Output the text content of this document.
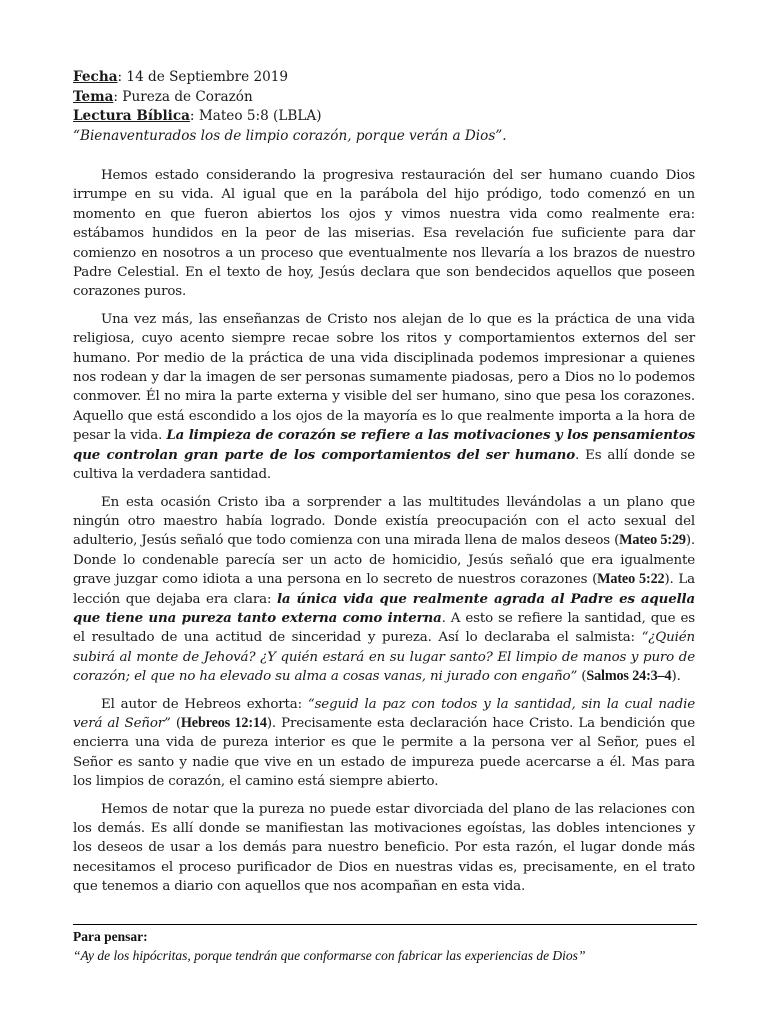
Fecha: 14 de Septiembre 2019
Tema: Pureza de Corazón
Lectura Bíblica: Mateo 5:8 (LBLA)
“Bienaventurados los de limpio corazón, porque verán a Dios”.

Hemos estado considerando la progresiva restauración del ser humano cuando Dios irrumpe en su vida. Al igual que en la parábola del hijo pródigo, todo comenzó en un momento en que fueron abiertos los ojos y vimos nuestra vida como realmente era: estábamos hundidos en la peor de las miserias. Esa revelación fue suficiente para dar comienzo en nosotros a un proceso que eventualmente nos llevaría a los brazos de nuestro Padre Celestial. En el texto de hoy, Jesús declara que son bendecidos aquellos que poseen corazones puros.

Una vez más, las enseñanzas de Cristo nos alejan de lo que es la práctica de una vida religiosa, cuyo acento siempre recae sobre los ritos y comportamientos externos del ser humano. Por medio de la práctica de una vida disciplinada podemos impresionar a quienes nos rodean y dar la imagen de ser personas sumamente piadosas, pero a Dios no lo podemos conmover. Él no mira la parte externa y visible del ser humano, sino que pesa los corazones. Aquello que está escondido a los ojos de la mayoría es lo que realmente importa a la hora de pesar la vida. La limpieza de corazón se refiere a las motivaciones y los pensamientos que controlan gran parte de los comportamientos del ser humano. Es allí donde se cultiva la verdadera santidad.

En esta ocasión Cristo iba a sorprender a las multitudes llevándolas a un plano que ningún otro maestro había logrado. Donde existía preocupación con el acto sexual del adulterio, Jesús señaló que todo comienza con una mirada llena de malos deseos (Mateo 5:29). Donde lo condenable parecía ser un acto de homicidio, Jesús señaló que era igualmente grave juzgar como idiota a una persona en lo secreto de nuestros corazones (Mateo 5:22). La lección que dejaba era clara: la única vida que realmente agrada al Padre es aquella que tiene una pureza tanto externa como interna. A esto se refiere la santidad, que es el resultado de una actitud de sinceridad y pureza. Así lo declaraba el salmista: “¿Quién subirá al monte de Jehová? ¿Y quién estará en su lugar santo? El limpio de manos y puro de corazón; el que no ha elevado su alma a cosas vanas, ni jurado con engaño” (Salmos 24:3–4).

El autor de Hebreos exhorta: “seguid la paz con todos y la santidad, sin la cual nadie verá al Señor” (Hebreos 12:14). Precisamente esta declaración hace Cristo. La bendición que encierra una vida de pureza interior es que le permite a la persona ver al Señor, pues el Señor es santo y nadie que vive en un estado de impureza puede acercarse a él. Mas para los limpios de corazón, el camino está siempre abierto.

Hemos de notar que la pureza no puede estar divorciada del plano de las relaciones con los demás. Es allí donde se manifiestan las motivaciones egoístas, las dobles intenciones y los deseos de usar a los demás para nuestro beneficio. Por esta razón, el lugar donde más necesitamos el proceso purificador de Dios en nuestras vidas es, precisamente, en el trato que tenemos a diario con aquellos que nos acompañan en esta vida.

Para pensar:
“Ay de los hipócritas, porque tendrán que conformarse con fabricar las experiencias de Dios”
